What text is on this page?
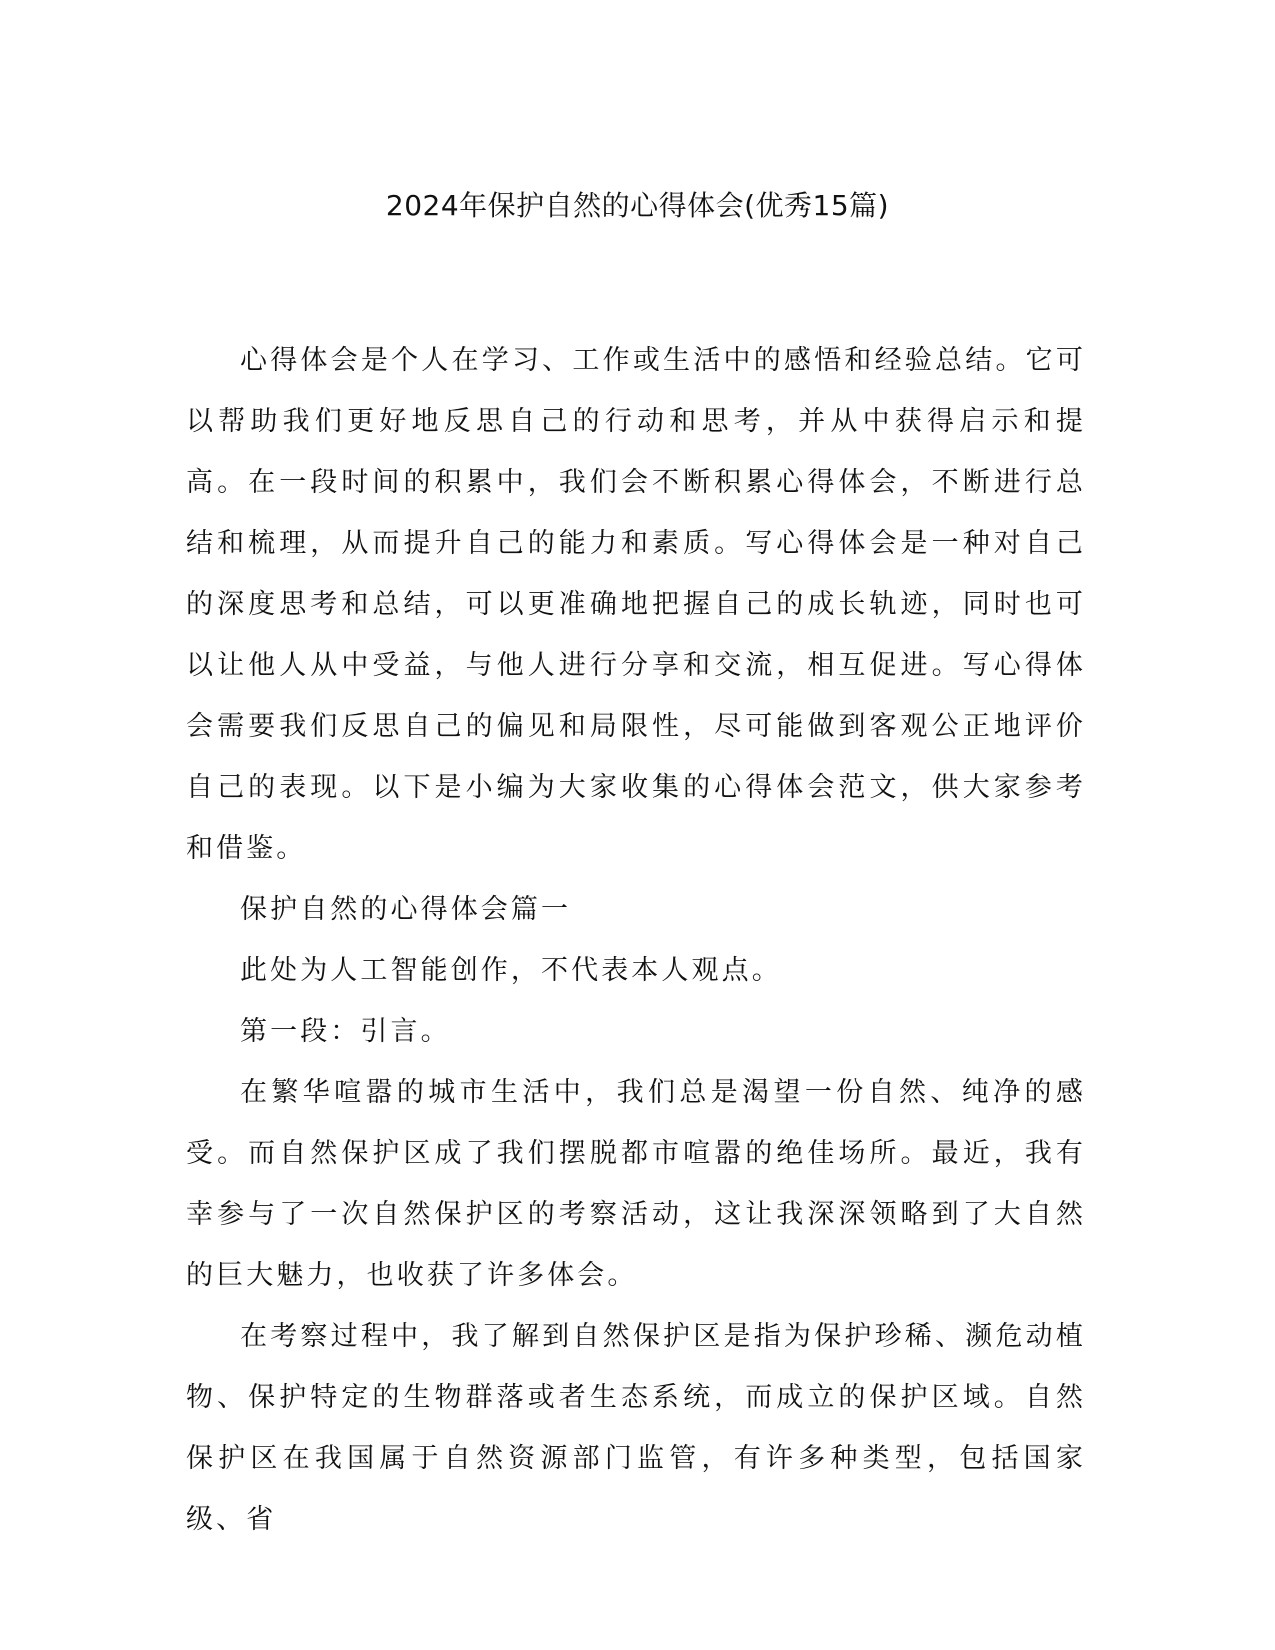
2024年保护自然的心得体会(优秀15篇)

心得体会是个人在学习、工作或生活中的感悟和经验总结。它可以帮助我们更好地反思自己的行动和思考，并从中获得启示和提高。在一段时间的积累中，我们会不断积累心得体会，不断进行总结和梳理，从而提升自己的能力和素质。写心得体会是一种对自己的深度思考和总结，可以更准确地把握自己的成长轨迹，同时也可以让他人从中受益，与他人进行分享和交流，相互促进。写心得体会需要我们反思自己的偏见和局限性，尽可能做到客观公正地评价自己的表现。以下是小编为大家收集的心得体会范文，供大家参考和借鉴。

保护自然的心得体会篇一

此处为人工智能创作，不代表本人观点。

第一段：引言。

在繁华喧嚣的城市生活中，我们总是渴望一份自然、纯净的感受。而自然保护区成了我们摆脱都市喧嚣的绝佳场所。最近，我有幸参与了一次自然保护区的考察活动，这让我深深领略到了大自然的巨大魅力，也收获了许多体会。

在考察过程中，我了解到自然保护区是指为保护珍稀、濒危动植物、保护特定的生物群落或者生态系统，而成立的保护区域。自然保护区在我国属于自然资源部门监管，有许多种类型，包括国家级、省
